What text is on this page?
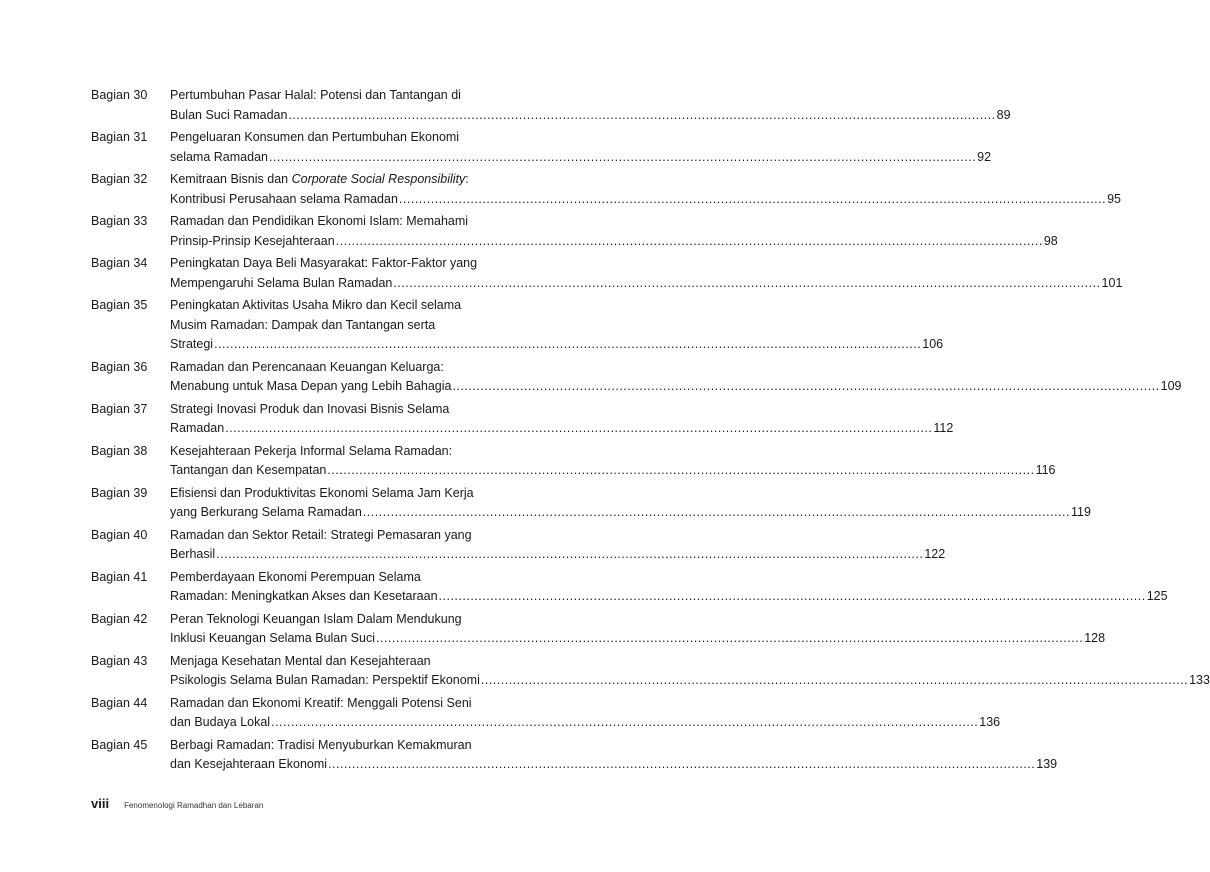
Bagian 30	Pertumbuhan Pasar Halal: Potensi dan Tantangan di
Bulan Suci Ramadan .....	89
Bagian 31	Pengeluaran Konsumen dan Pertumbuhan Ekonomi
selama Ramadan .....	92
Bagian 32	Kemitraan Bisnis dan Corporate Social Responsibility:
Kontribusi Perusahaan selama Ramadan .....	95
Bagian 33	Ramadan dan Pendidikan Ekonomi Islam: Memahami
Prinsip-Prinsip Kesejahteraan .....	98
Bagian 34	Peningkatan Daya Beli Masyarakat: Faktor-Faktor yang
Mempengaruhi Selama Bulan Ramadan .....	101
Bagian 35	Peningkatan Aktivitas Usaha Mikro dan Kecil selama
Musim Ramadan: Dampak dan Tantangan serta
Strategi .....	106
Bagian 36	Ramadan dan Perencanaan Keuangan Keluarga:
Menabung untuk Masa Depan yang Lebih Bahagia .....	109
Bagian 37	Strategi Inovasi Produk dan Inovasi Bisnis Selama
Ramadan .....	112
Bagian 38	Kesejahteraan Pekerja Informal Selama Ramadan:
Tantangan dan Kesempatan .....	116
Bagian 39	Efisiensi dan Produktivitas Ekonomi Selama Jam Kerja
yang Berkurang Selama Ramadan .....	119
Bagian 40	Ramadan dan Sektor Retail: Strategi Pemasaran yang
Berhasil .....	122
Bagian 41	Pemberdayaan Ekonomi Perempuan Selama
Ramadan: Meningkatkan Akses dan Kesetaraan .....	125
Bagian 42	Peran Teknologi Keuangan Islam Dalam Mendukung
Inklusi Keuangan Selama Bulan Suci .....	128
Bagian 43	Menjaga Kesehatan Mental dan Kesejahteraan
Psikologis Selama Bulan Ramadan: Perspektif Ekonomi .....	133
Bagian 44	Ramadan dan Ekonomi Kreatif: Menggali Potensi Seni
dan Budaya Lokal .....	136
Bagian 45	Berbagi Ramadan: Tradisi Menyuburkan Kemakmuran
dan Kesejahteraan Ekonomi .....	139
viii Fenomenologi Ramadhan dan Lebaran
